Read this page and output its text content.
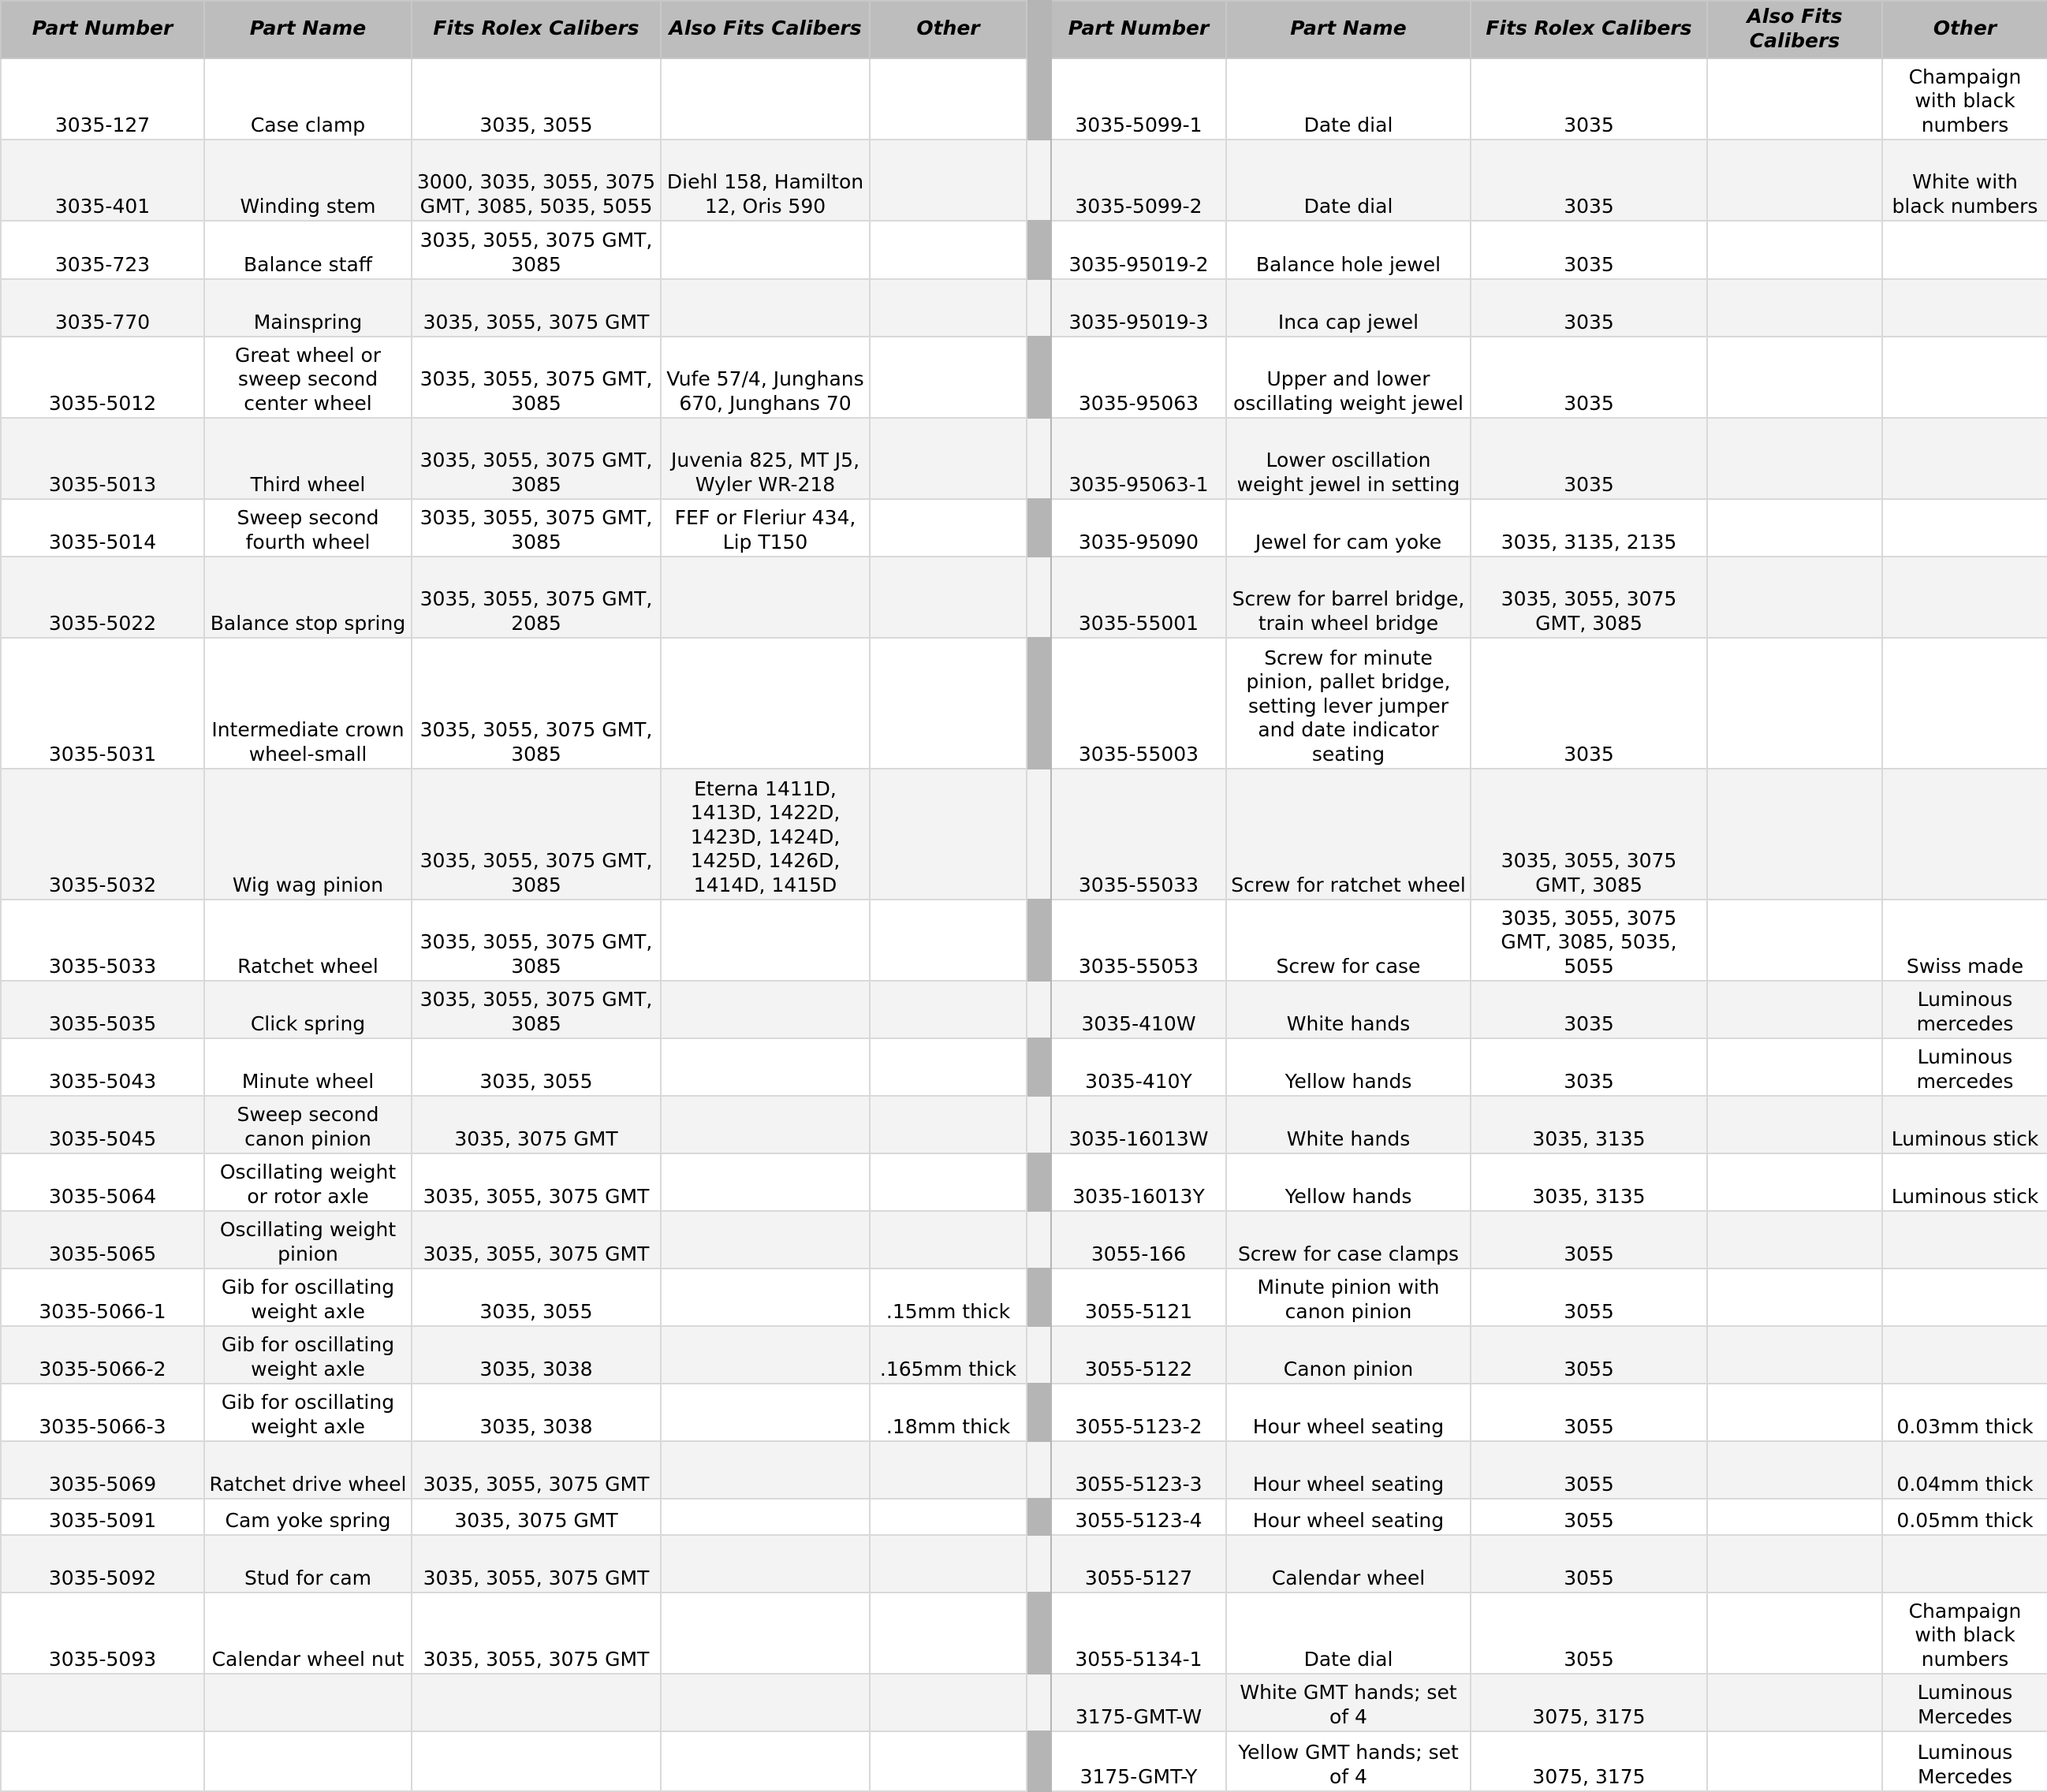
Part Number	Part Name	Fits Rolex Calibers	Also Fits Calibers	Other		Part Number	Part Name	Fits Rolex Calibers	Also Fits Calibers	Other
3035-127	Case clamp	3035, 3055				3035-5099-1	Date dial	3035		Champaign with black numbers
3035-401	Winding stem	3000, 3035, 3055, 3075 GMT, 3085, 5035, 5055	Diehl 158, Hamilton 12, Oris 590			3035-5099-2	Date dial	3035		White with black numbers
3035-723	Balance staff	3035, 3055, 3075 GMT, 3085				3035-95019-2	Balance hole jewel	3035		
3035-770	Mainspring	3035, 3055, 3075 GMT				3035-95019-3	Inca cap jewel	3035		
3035-5012	Great wheel or sweep second center wheel	3035, 3055, 3075 GMT, 3085	Vufe 57/4, Junghans 670, Junghans 70			3035-95063	Upper and lower oscillating weight jewel	3035		
3035-5013	Third wheel	3035, 3055, 3075 GMT, 3085	Juvenia 825, MT J5, Wyler WR-218			3035-95063-1	Lower oscillation weight jewel in setting	3035		
3035-5014	Sweep second fourth wheel	3035, 3055, 3075 GMT, 3085	FEF or Fleriur 434, Lip T150			3035-95090	Jewel for cam yoke	3035, 3135, 2135		
3035-5022	Balance stop spring	3035, 3055, 3075 GMT, 2085				3035-55001	Screw for barrel bridge, train wheel bridge	3035, 3055, 3075 GMT, 3085		
3035-5031	Intermediate crown wheel-small	3035, 3055, 3075 GMT, 3085				3035-55003	Screw for minute pinion, pallet bridge, setting lever jumper and date indicator seating	3035		
3035-5032	Wig wag pinion	3035, 3055, 3075 GMT, 3085	Eterna 1411D, 1413D, 1422D, 1423D, 1424D, 1425D, 1426D, 1414D, 1415D			3035-55033	Screw for ratchet wheel	3035, 3055, 3075 GMT, 3085		
3035-5033	Ratchet wheel	3035, 3055, 3075 GMT, 3085				3035-55053	Screw for case	3035, 3055, 3075 GMT, 3085, 5035, 5055		Swiss made
3035-5035	Click spring	3035, 3055, 3075 GMT, 3085				3035-410W	White hands	3035		Luminous mercedes
3035-5043	Minute wheel	3035, 3055				3035-410Y	Yellow hands	3035		Luminous mercedes
3035-5045	Sweep second canon pinion	3035, 3075 GMT				3035-16013W	White hands	3035, 3135		Luminous stick
3035-5064	Oscillating weight or rotor axle	3035, 3055, 3075 GMT				3035-16013Y	Yellow hands	3035, 3135		Luminous stick
3035-5065	Oscillating weight pinion	3035, 3055, 3075 GMT				3055-166	Screw for case clamps	3055		
3035-5066-1	Gib for oscillating weight axle	3035, 3055		.15mm thick		3055-5121	Minute pinion with canon pinion	3055		
3035-5066-2	Gib for oscillating weight axle	3035, 3038		.165mm thick		3055-5122	Canon pinion	3055		
3035-5066-3	Gib for oscillating weight axle	3035, 3038		.18mm thick		3055-5123-2	Hour wheel seating	3055		0.03mm thick
3035-5069	Ratchet drive wheel	3035, 3055, 3075 GMT				3055-5123-3	Hour wheel seating	3055		0.04mm thick
3035-5091	Cam yoke spring	3035, 3075 GMT				3055-5123-4	Hour wheel seating	3055		0.05mm thick
3035-5092	Stud for cam	3035, 3055, 3075 GMT				3055-5127	Calendar wheel	3055		
3035-5093	Calendar wheel nut	3035, 3055, 3075 GMT				3055-5134-1	Date dial	3055		Champaign with black numbers
						3175-GMT-W	White GMT hands; set of 4	3075, 3175		Luminous Mercedes
						3175-GMT-Y	Yellow GMT hands; set of 4	3075, 3175		Luminous Mercedes
